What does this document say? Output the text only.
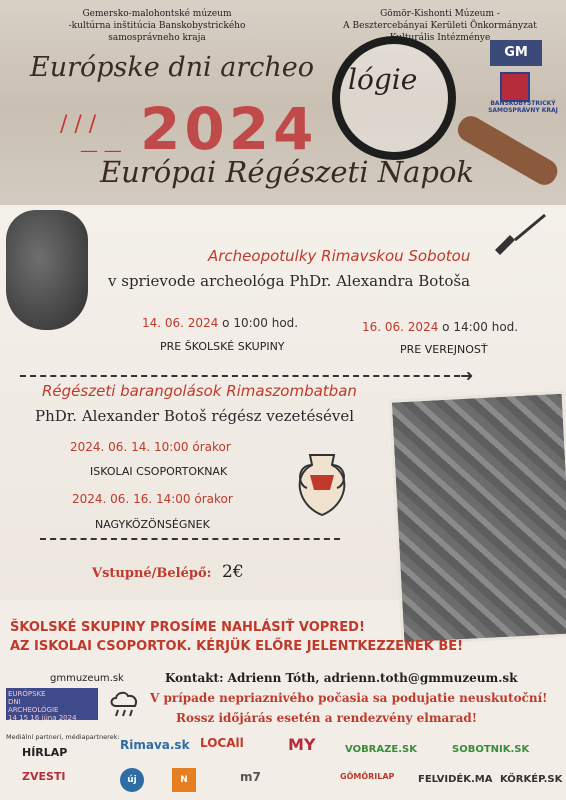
Gemersko-malohontské múzeum
-kultúrna inštitúcia Banskobystrického samosprávneho kraja
Gömör-Kishonti Múzeum -
A Besztercebányai Kerületi Önkormányzat Kulturális Intézménye
GM
BANSKOBYSTRICKÝ SAMOSPRÁVNY KRAJ
Európske dni archeo lógie
2024
Európai Régészeti Napok
/ / /
— —
Archeopotulky Rimavskou Sobotou
v sprievode archeológa PhDr. Alexandra Botoša
14. 06. 2024 o 10:00 hod.
PRE ŠKOLSKÉ SKUPINY
16. 06. 2024 o 14:00 hod.
PRE VEREJNOSŤ
➜
Régészeti barangolások Rimaszombatban
PhDr. Alexander Botoš régész vezetésével
2024. 06. 14. 10:00 órakor
ISKOLAI CSOPORTOKNAK
2024. 06. 16. 14:00 órakor
NAGYKÖZÖNSÉGNEK
Vstupné/Belépő: 2€
ŠKOLSKÉ SKUPINY PROSÍME NAHLÁSIŤ VOPRED!
AZ ISKOLAI CSOPORTOK. KÉRJÜK ELŐRE JELENTKEZZENEK BE!
gmmuzeum.sk	Kontakt: Adrienn Tóth, adrienn.toth@gmmuzeum.sk
EURÓPSKE
DNI
ARCHEOLÓGIE
14 15 16 júna 2024
V prípade nepriaznivého počasia sa podujatie neuskutoční!
Rossz időjárás esetén a rendezvény elmarad!
Mediální partneri, médiapartnerek:
HÍRLAP
ZVESTI
Rimava.sk LOCAll	MY	VOBRAZE.SK	SOBOTNIK.SK
új	N	m7	GÖMÖRILAP FELVIDÉK.MA KÖRKÉP.SK
